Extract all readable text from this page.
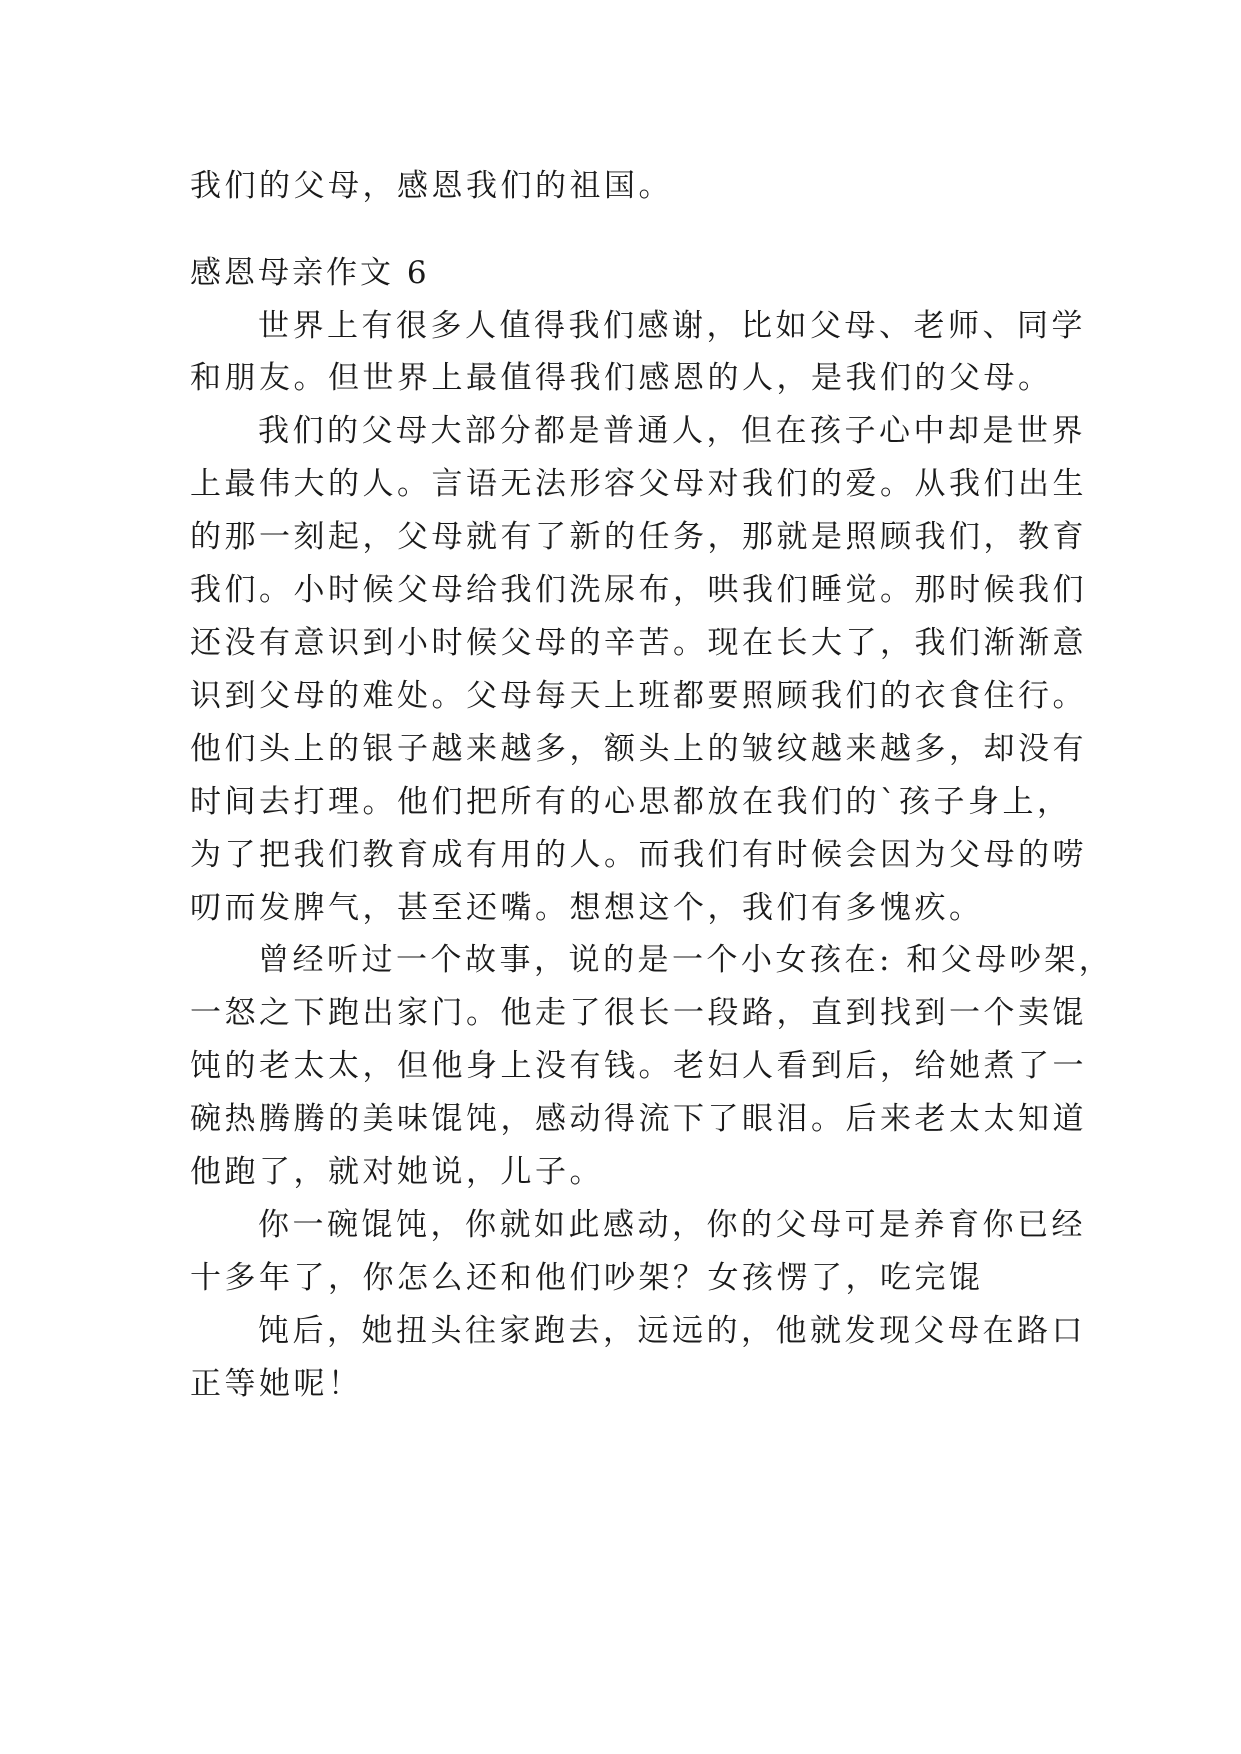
我们的父母，感恩我们的祖国。
感恩母亲作文 6
世界上有很多人值得我们感谢，比如父母、老师、同学
和朋友。但世界上最值得我们感恩的人，是我们的父母。
我们的父母大部分都是普通人，但在孩子心中却是世界
上最伟大的人。言语无法形容父母对我们的爱。从我们出生
的那一刻起，父母就有了新的任务，那就是照顾我们，教育
我们。小时候父母给我们洗尿布，哄我们睡觉。那时候我们
还没有意识到小时候父母的辛苦。现在长大了，我们渐渐意
识到父母的难处。父母每天上班都要照顾我们的衣食住行。
他们头上的银子越来越多，额头上的皱纹越来越多，却没有
时间去打理。他们把所有的心思都放在我们的`孩子身上，
为了把我们教育成有用的人。而我们有时候会因为父母的唠
叨而发脾气，甚至还嘴。想想这个，我们有多愧疚。
曾经听过一个故事，说的是一个小女孩在: 和父母吵架，
一怒之下跑出家门。他走了很长一段路，直到找到一个卖馄
饨的老太太，但他身上没有钱。老妇人看到后，给她煮了一
碗热腾腾的美味馄饨，感动得流下了眼泪。后来老太太知道
他跑了，就对她说，儿子。
你一碗馄饨，你就如此感动，你的父母可是养育你已经
十多年了，你怎么还和他们吵架？女孩愣了，吃完馄
饨后，她扭头往家跑去，远远的，他就发现父母在路口
正等她呢！
